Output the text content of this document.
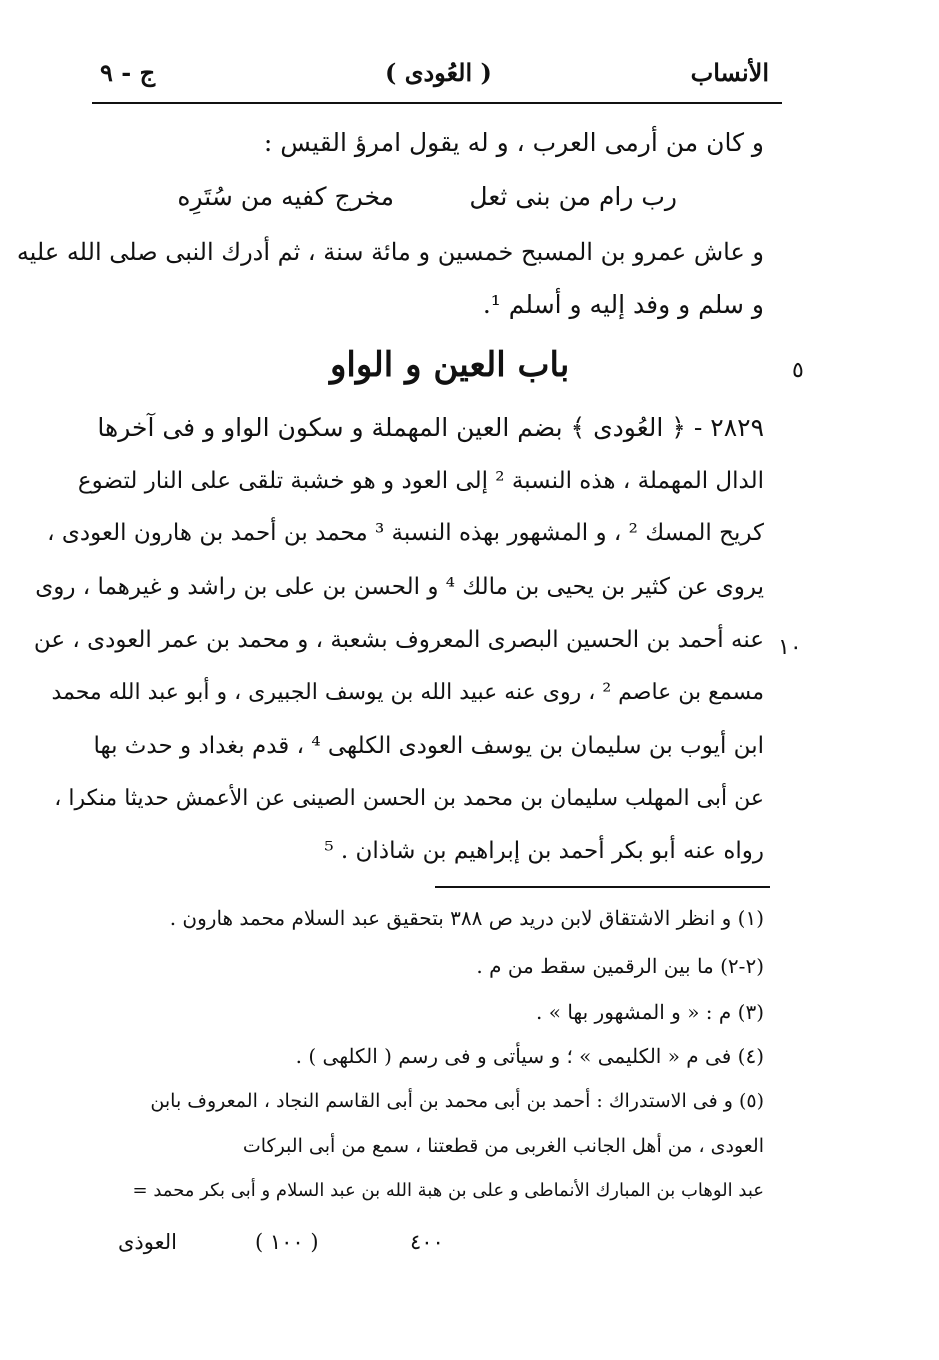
الأنساب
( العُودى )
ج - ٩
و كان من أرمى العرب ، و له يقول امرؤ القيس :
رب رام من بنى ثعل
مخرج كفيه من سُتَرِه
و عاش عمرو بن المسبح خمسين و مائة سنة ، ثم أدرك النبى صلى الله عليه
و سلم و وفد إليه و أسلم ¹.
باب العين و الواو	٥
٢٨٢٩ - ﴿ العُودى ﴾ بضم العين المهملة و سكون الواو و فى آخرها
الدال المهملة ، هذه النسبة ² إلى العود و هو خشبة تلقى على النار لتضوع
كريح المسك ² ، و المشهور بهذه النسبة ³ محمد بن أحمد بن هارون العودى ،
يروى عن كثير بن يحيى بن مالك ⁴ و الحسن بن على بن راشد و غيرهما ، روى
عنه أحمد بن الحسين البصرى المعروف بشعبة ، و محمد بن عمر العودى ، عن ١٠
مسمع بن عاصم ² ، روى عنه عبيد الله بن يوسف الجبيرى ، و أبو عبد الله محمد
ابن أيوب بن سليمان بن يوسف العودى الكلهى ⁴ ، قدم بغداد و حدث بها
عن أبى المهلب سليمان بن محمد بن الحسن الصينى عن الأعمش حديثا منكرا ،
رواه عنه أبو بكر أحمد بن إبراهيم بن شاذان . ⁵
(١) و انظر الاشتقاق لابن دريد ص ٣٨٨ بتحقيق عبد السلام محمد هارون .
(٢-٢) ما بين الرقمين سقط من م .
(٣) م : « و المشهور بها » .
(٤) فى م « الكليمى » ؛ و سيأتى و فى رسم ( الكلهى ) .
(٥) و فى الاستدراك : أحمد بن أبى محمد بن أبى القاسم النجاد ، المعروف بابن
العودى ، من أهل الجانب الغربى من قطعتنا ، سمع من أبى البركات
عبد الوهاب بن المبارك الأنماطى و على بن هبة الله بن عبد السلام و أبى بكر محمد =
٤٠٠
( ١٠٠ )
العوذى
